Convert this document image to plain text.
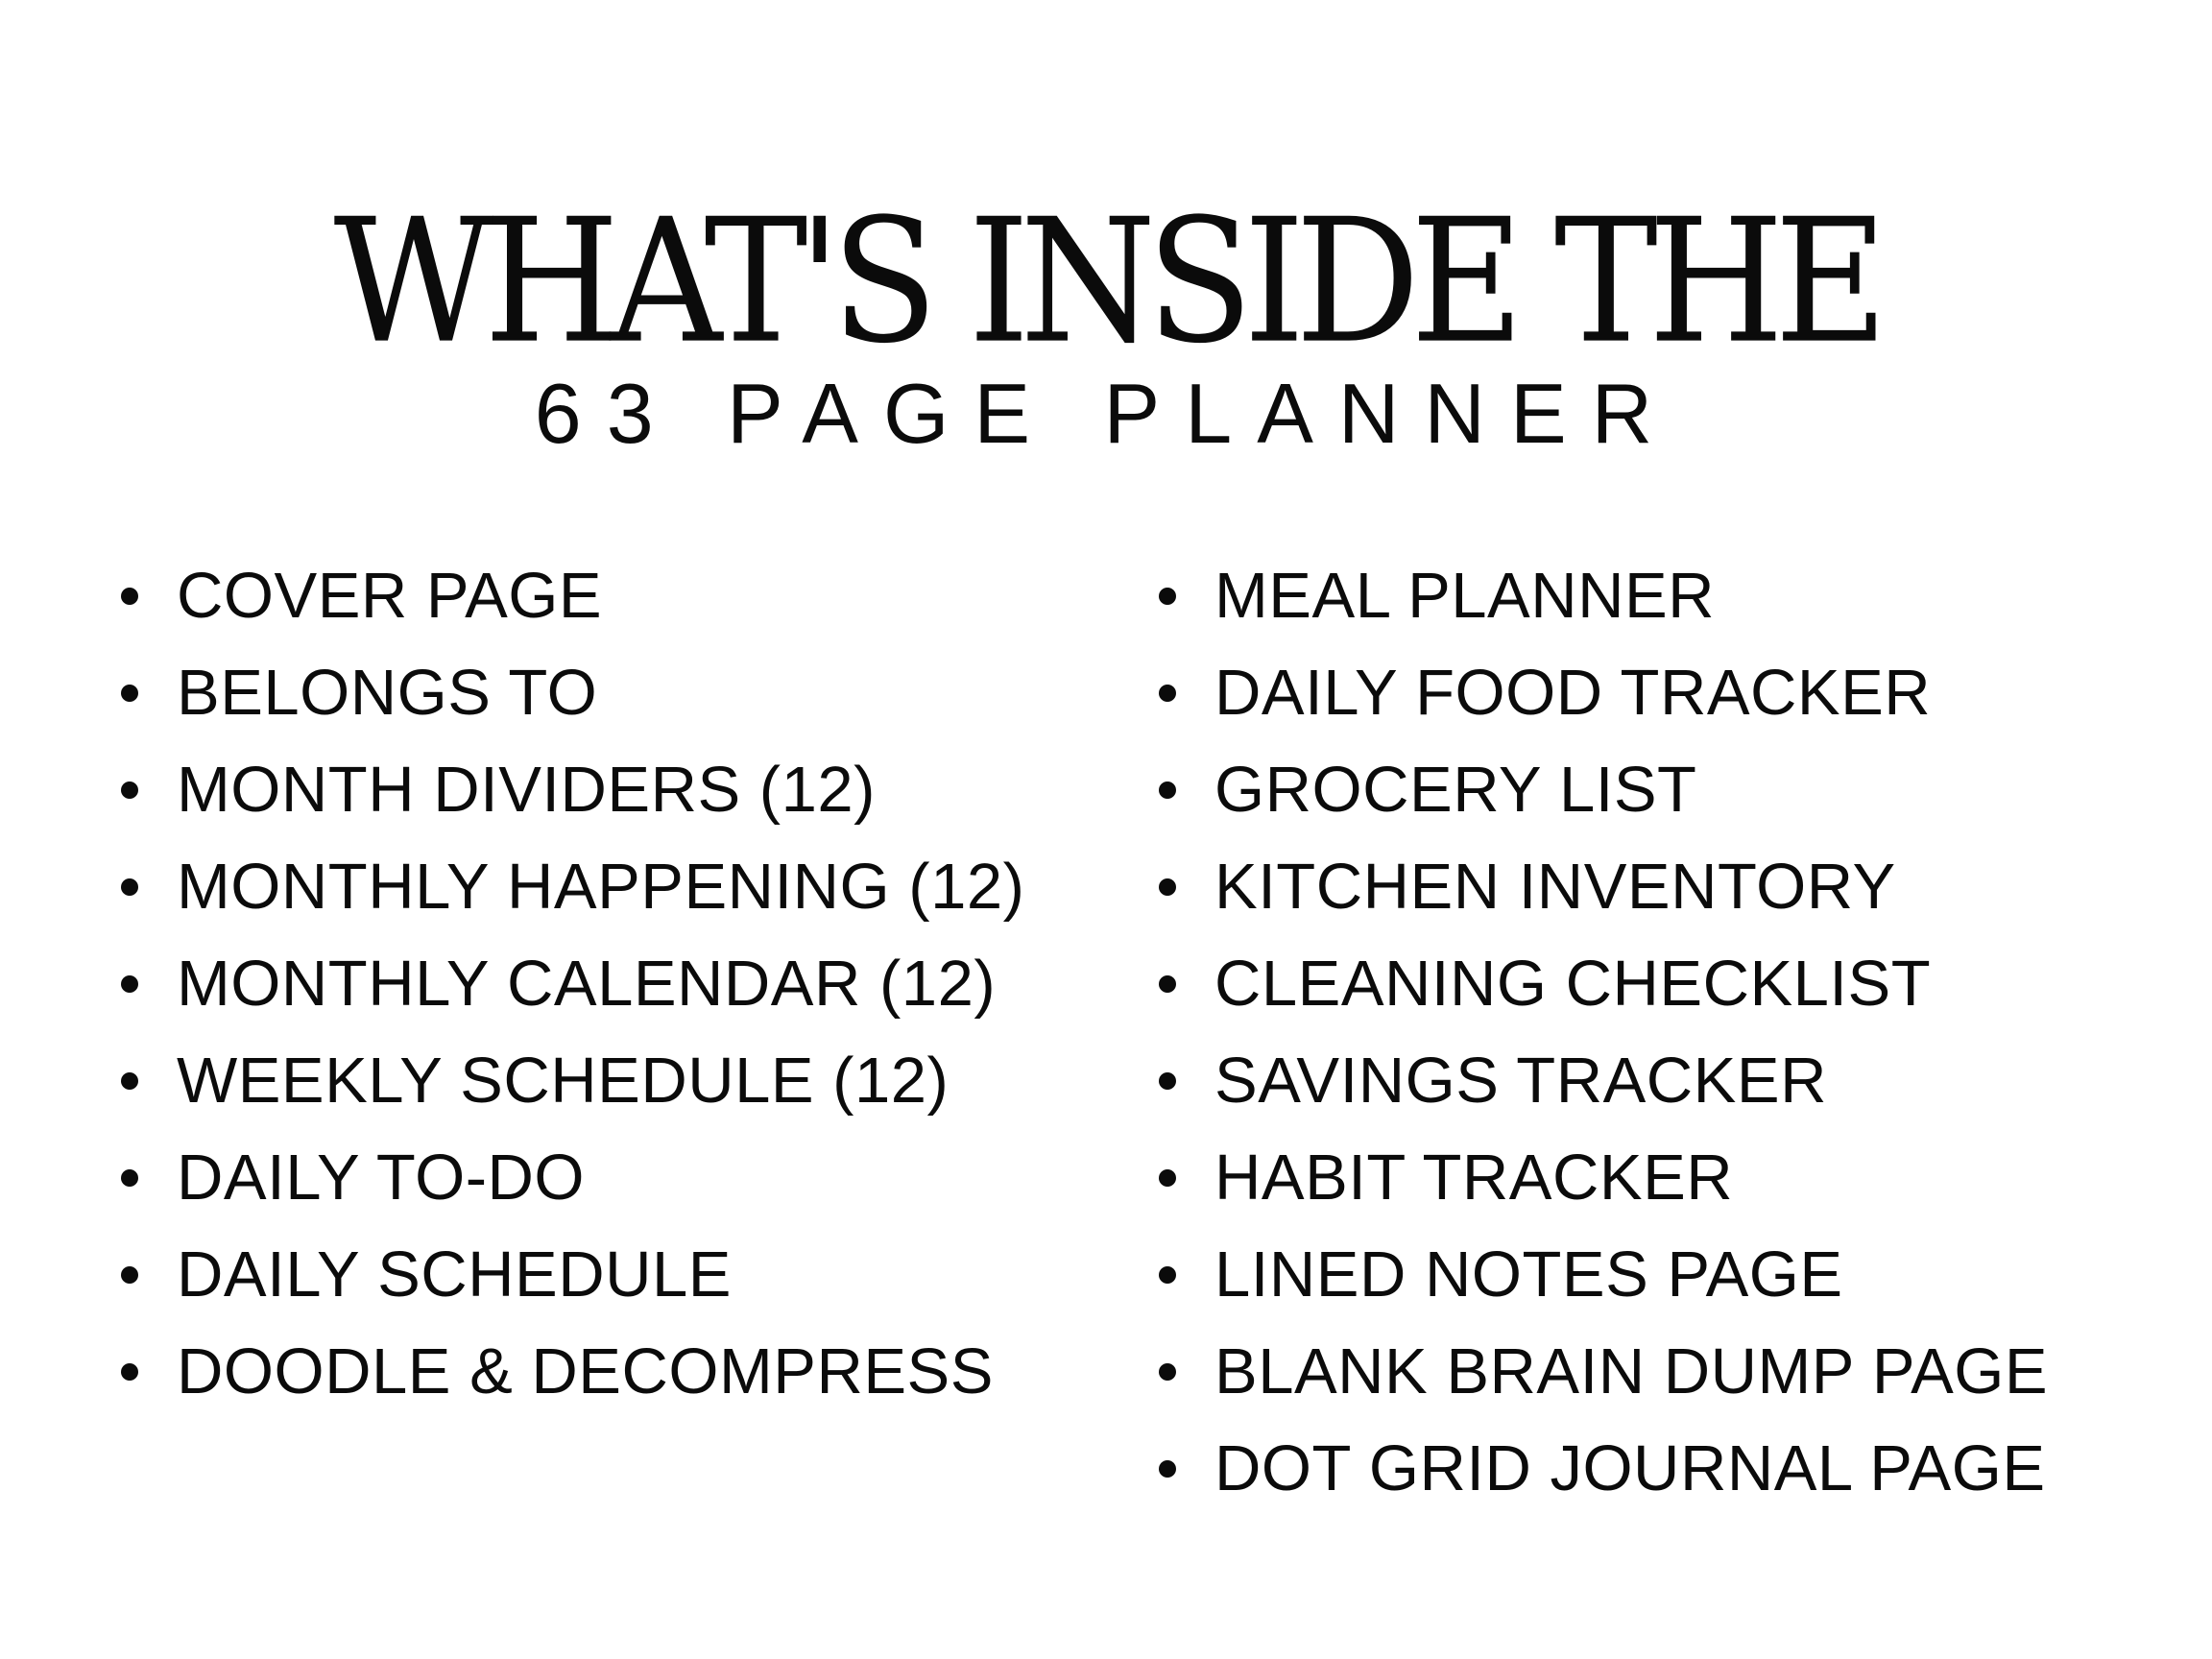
WHAT'S INSIDE THE
63 PAGE PLANNER
COVER PAGE
BELONGS TO
MONTH DIVIDERS (12)
MONTHLY HAPPENING (12)
MONTHLY CALENDAR (12)
WEEKLY SCHEDULE (12)
DAILY TO-DO
DAILY SCHEDULE
DOODLE & DECOMPRESS
MEAL PLANNER
DAILY FOOD TRACKER
GROCERY LIST
KITCHEN INVENTORY
CLEANING CHECKLIST
SAVINGS TRACKER
HABIT TRACKER
LINED NOTES PAGE
BLANK BRAIN DUMP PAGE
DOT GRID JOURNAL PAGE
